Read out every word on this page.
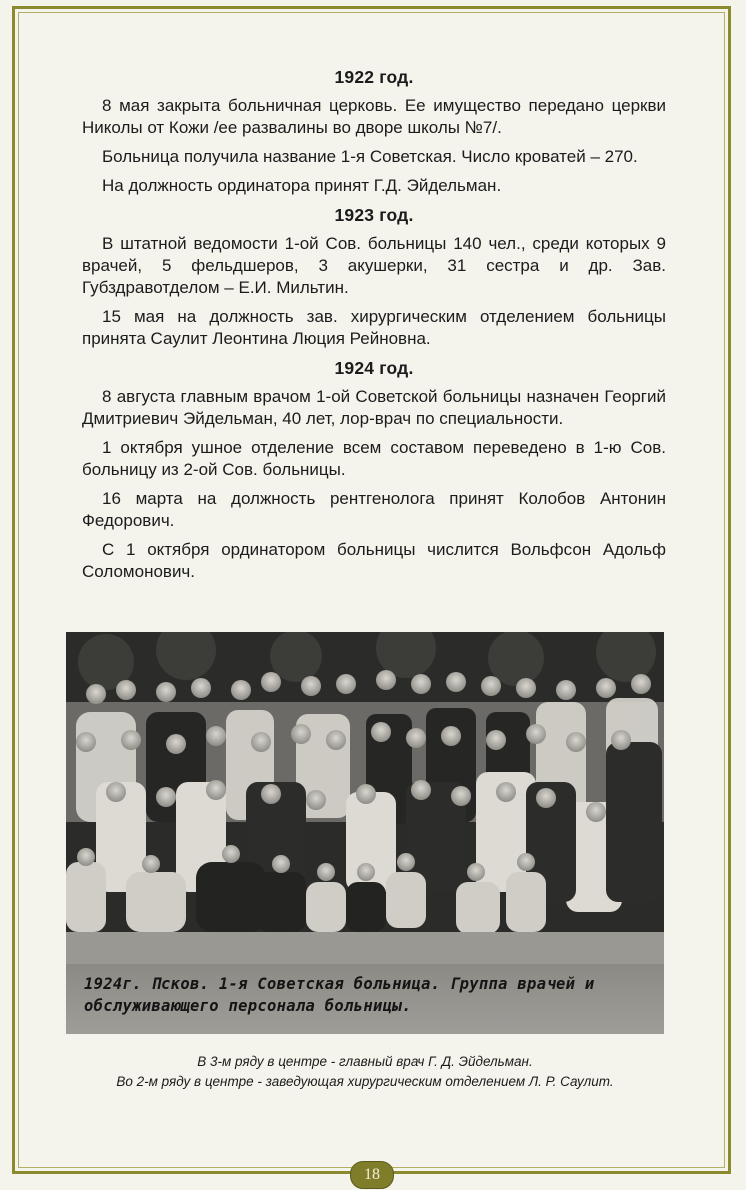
1922 год.

8 мая закрыта больничная церковь. Ее имущество передано церкви Николы от Кожи /ее развалины во дворе школы №7/.

Больница получила название 1-я Советская. Число кроватей – 270.

На должность ординатора принят Г.Д. Эйдельман.

1923 год.

В штатной ведомости 1-ой Сов. больницы 140 чел., среди которых 9 врачей, 5 фельдшеров, 3 акушерки, 31 сестра и др. Зав. Губздравотделом – Е.И. Мильтин.

15 мая на должность зав. хирургическим отделением больницы принята Саулит Леонтина Люция Рейновна.

1924 год.

8 августа главным врачом 1-ой Советской больницы назначен Георгий Дмитриевич Эйдельман, 40 лет, лор-врач по специальности.

1 октября ушное отделение всем составом переведено в 1-ю Сов. больницу из 2-ой Сов. больницы.

16 марта на должность рентгенолога принят Колобов Антонин Федорович.

С 1 октября ординатором больницы числится Вольфсон Адольф Соломонович.

1924г. Псков. 1-я Советская больница. Группа врачей и
обслуживающего персонала больницы.
В 3-м ряду в центре - главный врач Г. Д. Эйдельман.
Во 2-м ряду в центре - заведующая хирургическим отделением Л. Р. Саулит.
18
